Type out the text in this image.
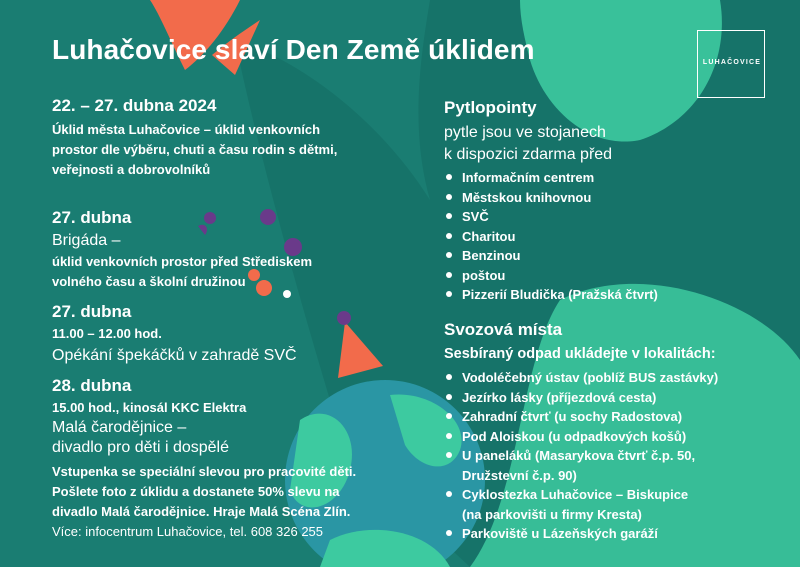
Luhačovice slaví Den Země úklidem	LUHAČOVICE
22. – 27. dubna 2024
Úklid města Luhačovice – úklid venkovních
prostor dle výběru, chuti a času rodin s dětmi,
veřejnosti a dobrovolníků
27. dubna
Brigáda –
úklid venkovních prostor před Střediskem
volného času a školní družinou
27. dubna
11.00 – 12.00 hod.
Opékání špekáčků v zahradě SVČ
28. dubna
15.00 hod., kinosál KKC Elektra
Malá čarodějnice –
divadlo pro děti i dospělé
Vstupenka se speciální slevou pro pracovité děti.
Pošlete foto z úklidu a dostanete 50% slevu na
divadlo Malá čarodějnice. Hraje Malá Scéna Zlín.
Více: infocentrum Luhačovice, tel. 608 326 255
Pytlopointy
pytle jsou ve stojanech
k dispozici zdarma před
Informačním centrem
Městskou knihovnou
SVČ
Charitou
Benzinou
poštou
Pizzerií Bludička (Pražská čtvrt)
Svozová místa
Sesbíraný odpad ukládejte v lokalitách:
Vodoléčebný ústav (poblíž BUS zastávky)
Jezírko lásky (příjezdová cesta)
Zahradní čtvrť (u sochy Radostova)
Pod Aloiskou (u odpadkových košů)
U paneláků (Masarykova čtvrť č.p. 50,
Družstevní č.p. 90)
Cyklostezka Luhačovice – Biskupice
(na parkovišti u firmy Kresta)
Parkoviště u Lázeňských garáží
